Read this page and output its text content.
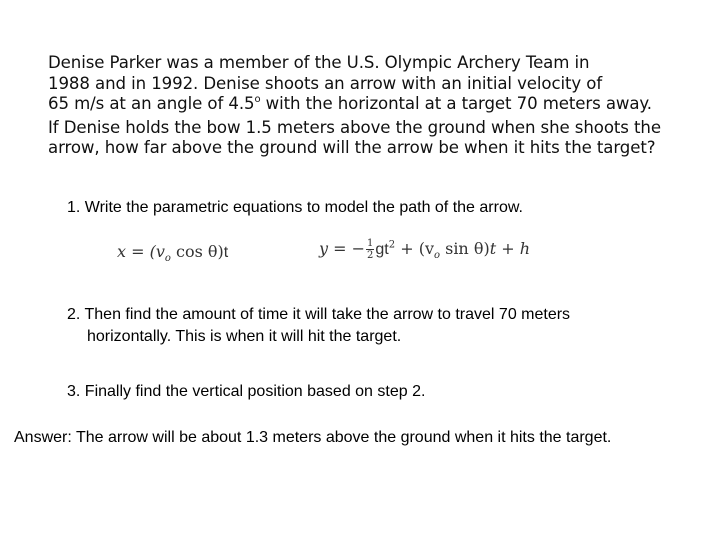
Denise Parker was a member of the U.S. Olympic Archery Team in
1988 and in 1992. Denise shoots an arrow with an initial velocity of
65 m/s at an angle of 4.5$^o$ with the horizontal at a target 70 meters away.
If Denise holds the bow 1.5 meters above the ground when she shoots the
arrow, how far above the ground will the arrow be when it hits the target?
1. Write the parametric equations to model the path of the arrow.
$x = (v_o$ cos θ)t	y = − $\frac{1}{2} gt^2 + (v_o$ sin θ)t + h
2. Then find the amount of time it will take the arrow to travel 70 meters
horizontally. This is when it will hit the target.
3. Finally find the vertical position based on step 2.
Answer: The arrow will be about 1.3 meters above the ground when it hits the target.
